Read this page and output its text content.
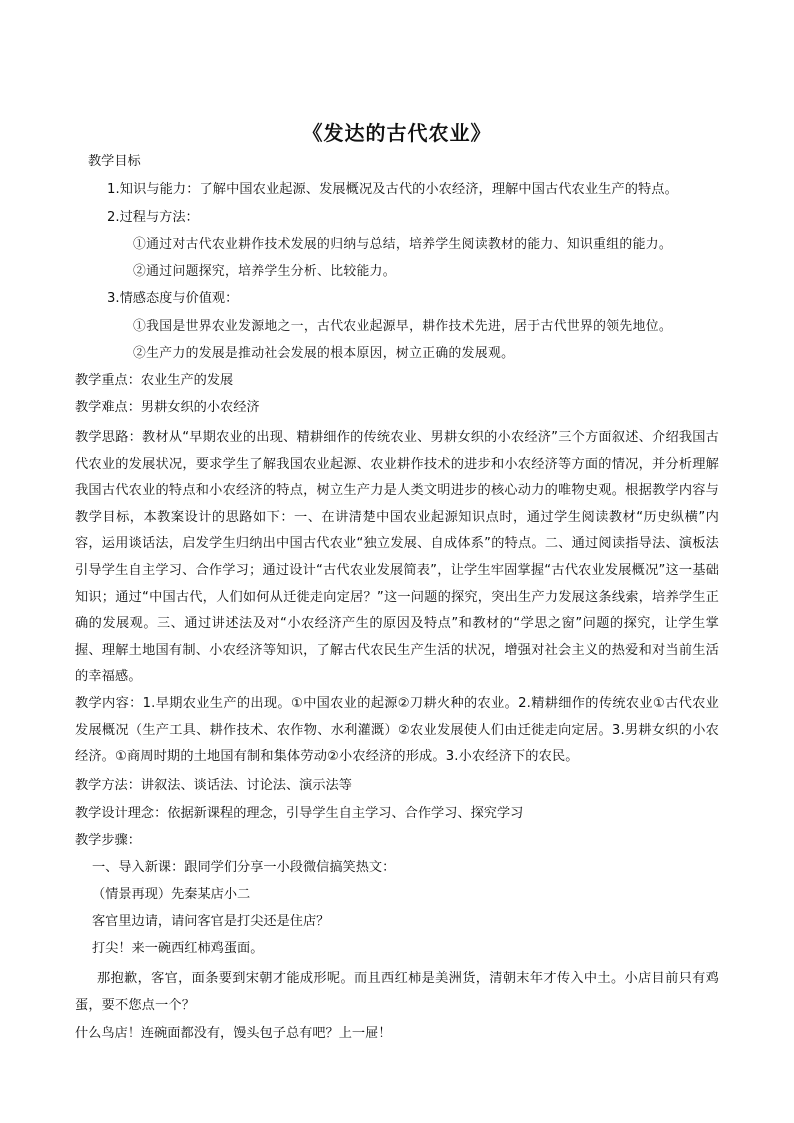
《发达的古代农业》
教学目标
1.知识与能力：了解中国农业起源、发展概况及古代的小农经济，理解中国古代农业生产的特点。
2.过程与方法：
①通过对古代农业耕作技术发展的归纳与总结，培养学生阅读教材的能力、知识重组的能力。
②通过问题探究，培养学生分析、比较能力。
3.情感态度与价值观：
①我国是世界农业发源地之一，古代农业起源早，耕作技术先进，居于古代世界的领先地位。
②生产力的发展是推动社会发展的根本原因，树立正确的发展观。
教学重点：农业生产的发展
教学难点：男耕女织的小农经济
教学思路：教材从“早期农业的出现、精耕细作的传统农业、男耕女织的小农经济”三个方面叙述、介绍我国古代农业的发展状况，要求学生了解我国农业起源、农业耕作技术的进步和小农经济等方面的情况，并分析理解我国古代农业的特点和小农经济的特点，树立生产力是人类文明进步的核心动力的唯物史观。根据教学内容与教学目标，本教案设计的思路如下：一、在讲清楚中国农业起源知识点时，通过学生阅读教材“历史纵横”内容，运用谈话法，启发学生归纳出中国古代农业“独立发展、自成体系”的特点。二、通过阅读指导法、演板法引导学生自主学习、合作学习；通过设计“古代农业发展简表”，让学生牢固掌握“古代农业发展概况”这一基础知识；通过“中国古代，人们如何从迁徙走向定居？”这一问题的探究，突出生产力发展这条线索，培养学生正确的发展观。三、通过讲述法及对“小农经济产生的原因及特点”和教材的“学思之窗”问题的探究，让学生掌握、理解土地国有制、小农经济等知识，了解古代农民生产生活的状况，增强对社会主义的热爱和对当前生活的幸福感。
教学内容：1.早期农业生产的出现。①中国农业的起源②刀耕火种的农业。2.精耕细作的传统农业①古代农业发展概况（生产工具、耕作技术、农作物、水利灌溉）②农业发展使人们由迁徙走向定居。3.男耕女织的小农经济。①商周时期的土地国有制和集体劳动②小农经济的形成。3.小农经济下的农民。
教学方法：讲叙法、谈话法、讨论法、演示法等
教学设计理念：依据新课程的理念，引导学生自主学习、合作学习、探究学习
教学步骤：
一、导入新课：跟同学们分享一小段微信搞笑热文：
（情景再现）先秦某店小二
客官里边请，请问客官是打尖还是住店？
打尖！来一碗西红柿鸡蛋面。
那抱歉，客官，面条要到宋朝才能成形呢。而且西红柿是美洲货，清朝末年才传入中土。小店目前只有鸡蛋，要不您点一个？
什么鸟店！连碗面都没有，馒头包子总有吧？上一屉！
